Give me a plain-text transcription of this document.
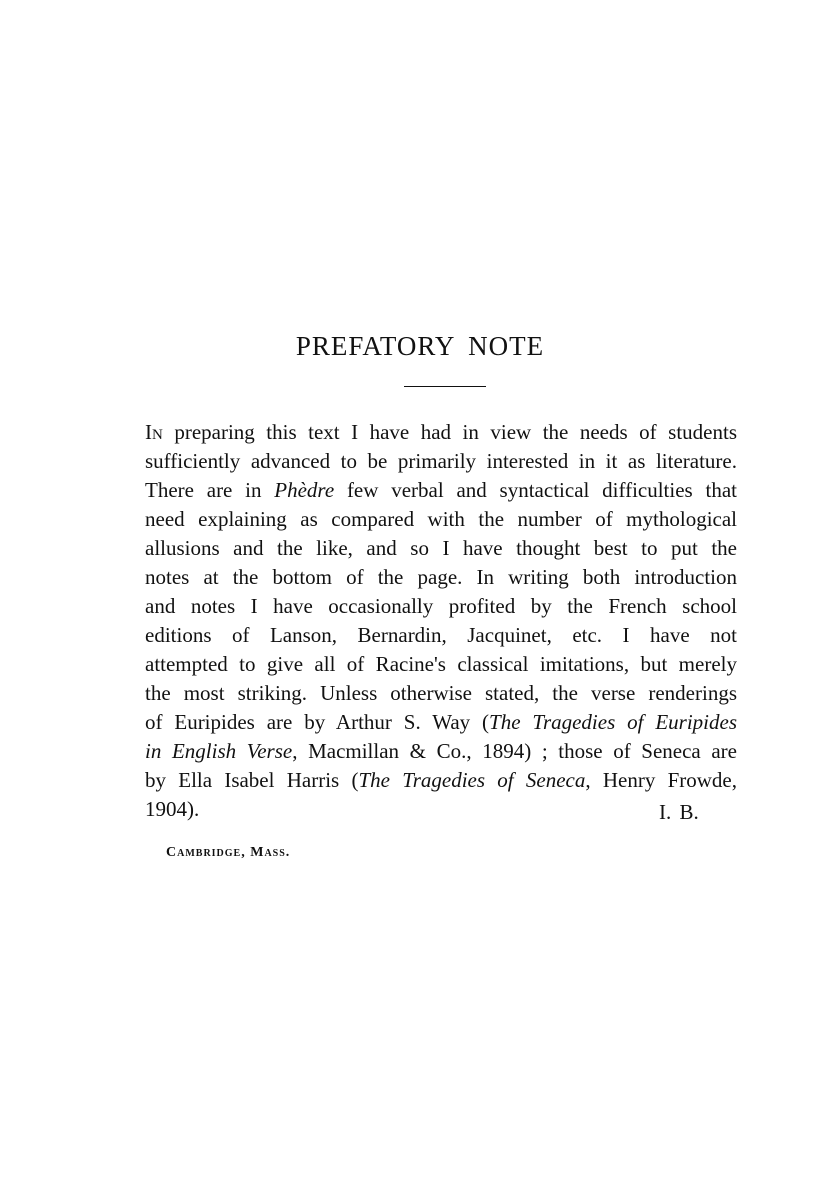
PREFATORY NOTE
In preparing this text I have had in view the needs of students
sufficiently advanced to be primarily interested in it as literature.
There are in Phèdre few verbal and syntactical difficulties that
need explaining as compared with the number of mythological
allusions and the like, and so I have thought best to put the
notes at the bottom of the page. In writing both introduction
and notes I have occasionally profited by the French school
editions of Lanson, Bernardin, Jacquinet, etc. I have not
attempted to give all of Racine's classical imitations, but merely
the most striking. Unless otherwise stated, the verse renderings
of Euripides are by Arthur S. Way (The Tragedies of Euripides
in English Verse, Macmillan & Co., 1894) ; those of Seneca are
by Ella Isabel Harris (The Tragedies of Seneca, Henry Frowde,
1904).	I. B.
Cambridge, Mass.
